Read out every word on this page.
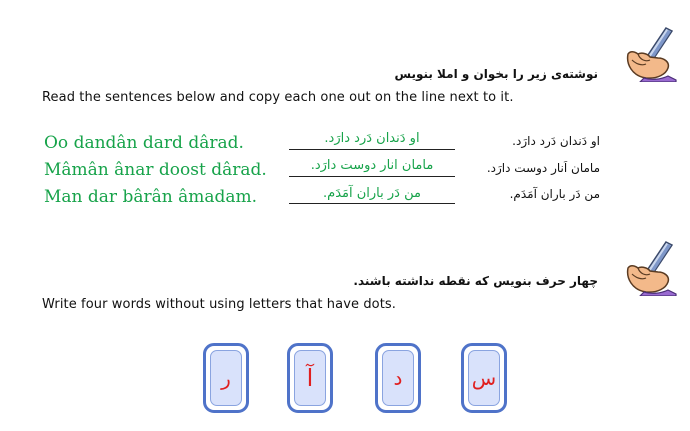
نوشته‌ی زیر را بخوان و املا بنویس
Read the sentences below and copy each one out on the line next to it.
Oo dandân dard dârad.	او دَندان دَرد دارَد.	او دَندان دَرد دارَد.
Mâmân ânar doost dârad.	مامان انار دوست دارَد.	مامان اَنار دوست دارَد.
Man dar bârân âmadam.	من دَر باران آمَدَم.	من دَر باران آمَدَم.
چهار حرف بنویس که نقطه نداشته باشند.
Write four words without using letters that have dots.
ر	آ	د	س
